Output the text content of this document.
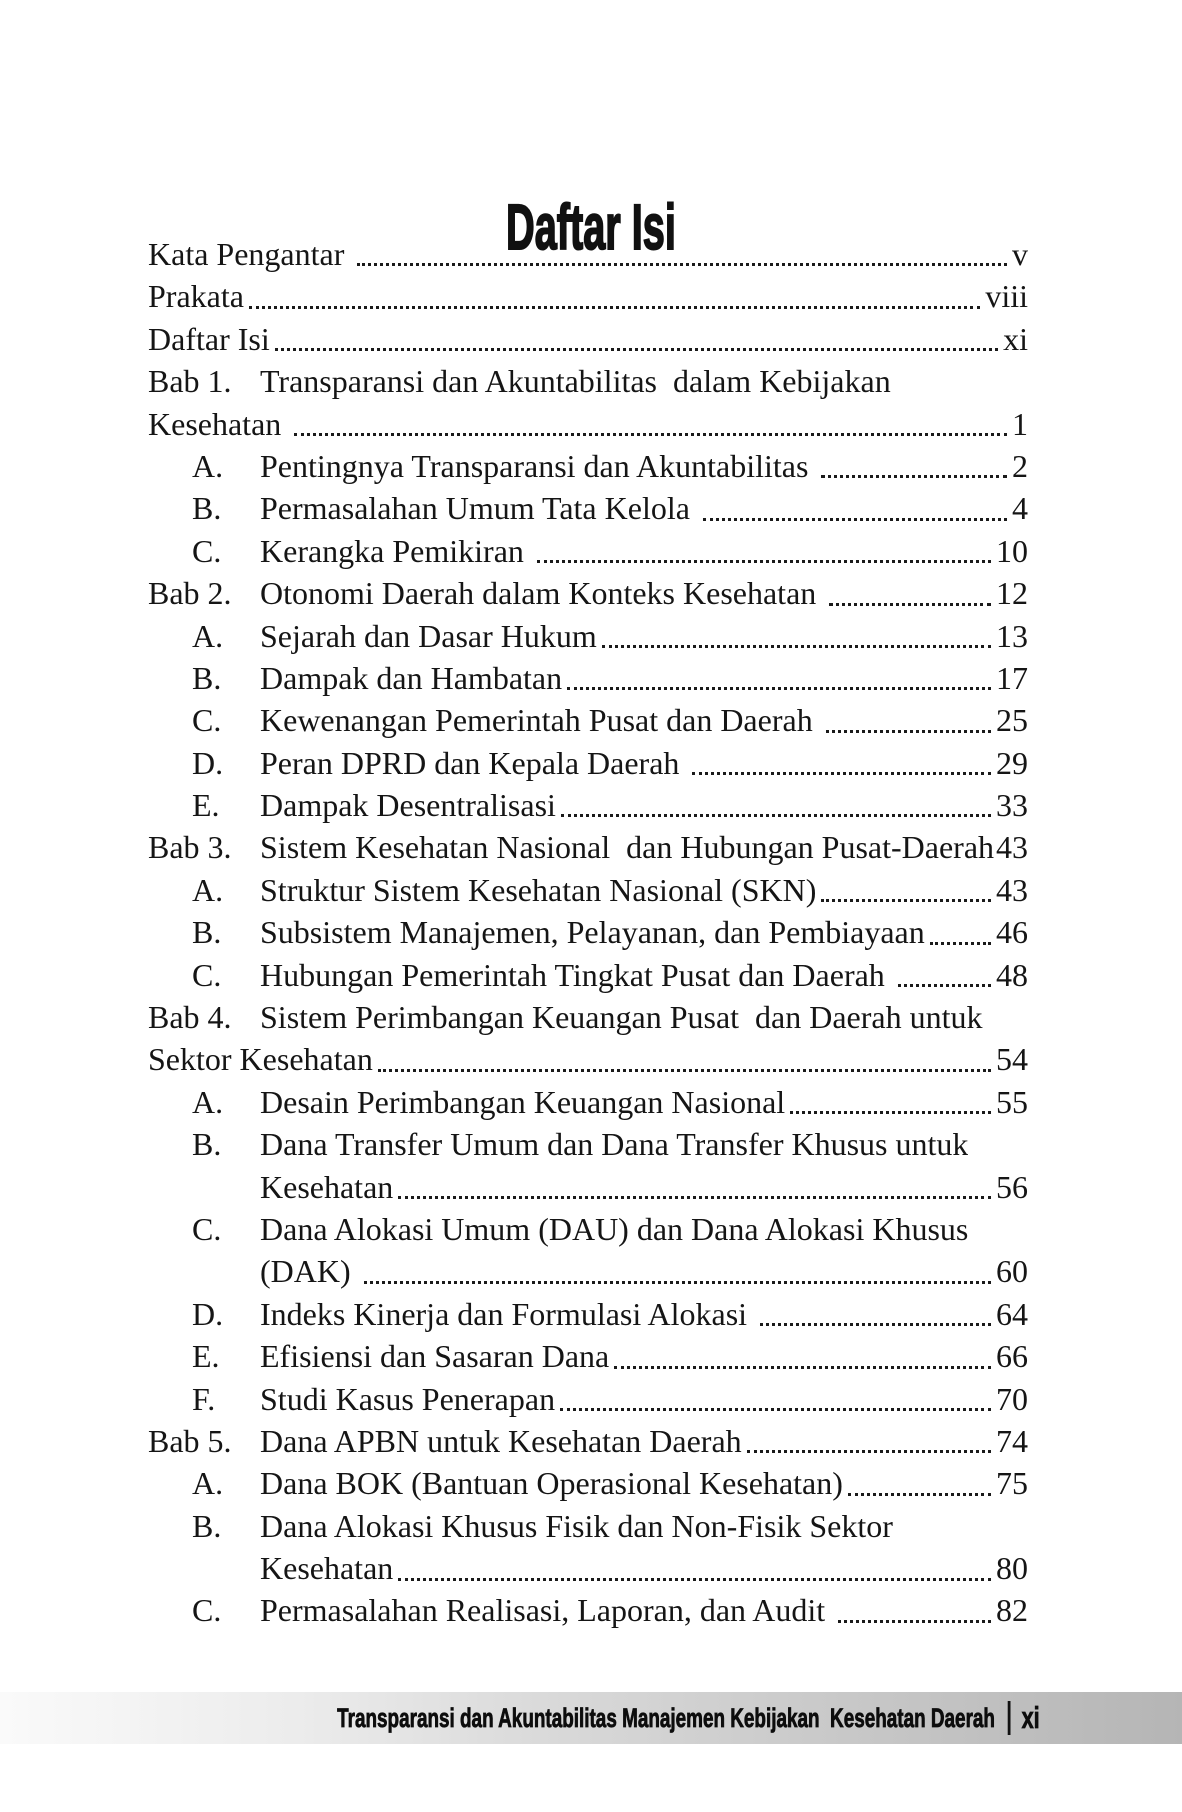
Daftar Isi
Kata Pengantar	v
Prakata	viii
Daftar Isi	xi
Bab 1. Transparansi dan Akuntabilitas  dalam Kebijakan
Kesehatan	1
A.	Pentingnya Transparansi dan Akuntabilitas	2
B.	Permasalahan Umum Tata Kelola	4
C.	Kerangka Pemikiran	10
Bab 2. Otonomi Daerah dalam Konteks Kesehatan	12
A.	Sejarah dan Dasar Hukum	13
B.	Dampak dan Hambatan	17
C.	Kewenangan Pemerintah Pusat dan Daerah	25
D.	Peran DPRD dan Kepala Daerah	29
E.	Dampak Desentralisasi	33
Bab 3. Sistem Kesehatan Nasional  dan Hubungan Pusat-Daerah 43
A.	Struktur Sistem Kesehatan Nasional (SKN)	43
B.	Subsistem Manajemen, Pelayanan, dan Pembiayaan 46
C.	Hubungan Pemerintah Tingkat Pusat dan Daerah	48
Bab 4. Sistem Perimbangan Keuangan Pusat  dan Daerah untuk
Sektor Kesehatan	54
A.	Desain Perimbangan Keuangan Nasional	55
B.	Dana Transfer Umum dan Dana Transfer Khusus untuk
Kesehatan	56
C.	Dana Alokasi Umum (DAU) dan Dana Alokasi Khusus
(DAK)	60
D.	Indeks Kinerja dan Formulasi Alokasi	64
E.	Efisiensi dan Sasaran Dana	66
F.	Studi Kasus Penerapan	70
Bab 5. Dana APBN untuk Kesehatan Daerah	74
A.	Dana BOK (Bantuan Operasional Kesehatan)	75
B.	Dana Alokasi Khusus Fisik dan Non-Fisik Sektor
Kesehatan	80
C.	Permasalahan Realisasi, Laporan, dan Audit	82
Transparansi dan Akuntabilitas Manajemen Kebijakan  Kesehatan Daerah xi
